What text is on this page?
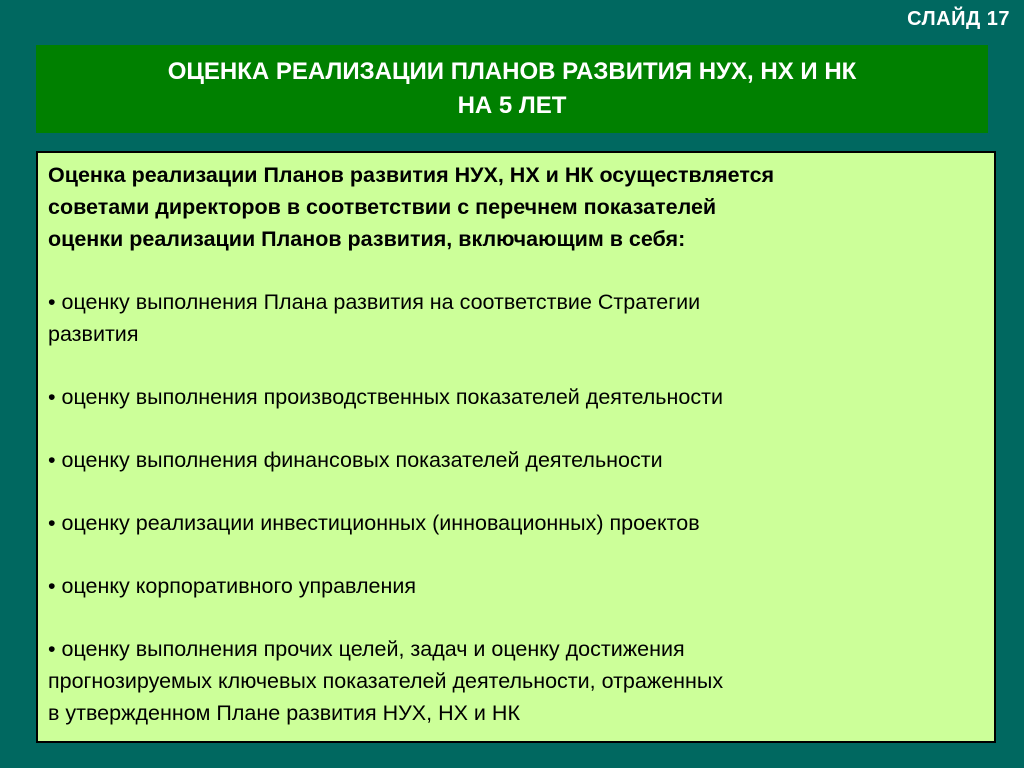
СЛАЙД 17
ОЦЕНКА РЕАЛИЗАЦИИ ПЛАНОВ РАЗВИТИЯ НУХ, НХ И НК
НА 5 ЛЕТ

Оценка реализации Планов развития НУХ, НХ и НК осуществляется
советами директоров в соответствии с перечнем показателей
оценки реализации Планов развития, включающим в себя:

• оценку выполнения Плана развития на соответствие Стратегии
развития
• оценку выполнения производственных показателей деятельности
• оценку выполнения финансовых показателей деятельности
• оценку реализации инвестиционных (инновационных) проектов
• оценку корпоративного управления
• оценку выполнения прочих целей, задач и оценку достижения
прогнозируемых ключевых показателей деятельности, отраженных
в утвержденном Плане развития НУХ, НХ и НК
